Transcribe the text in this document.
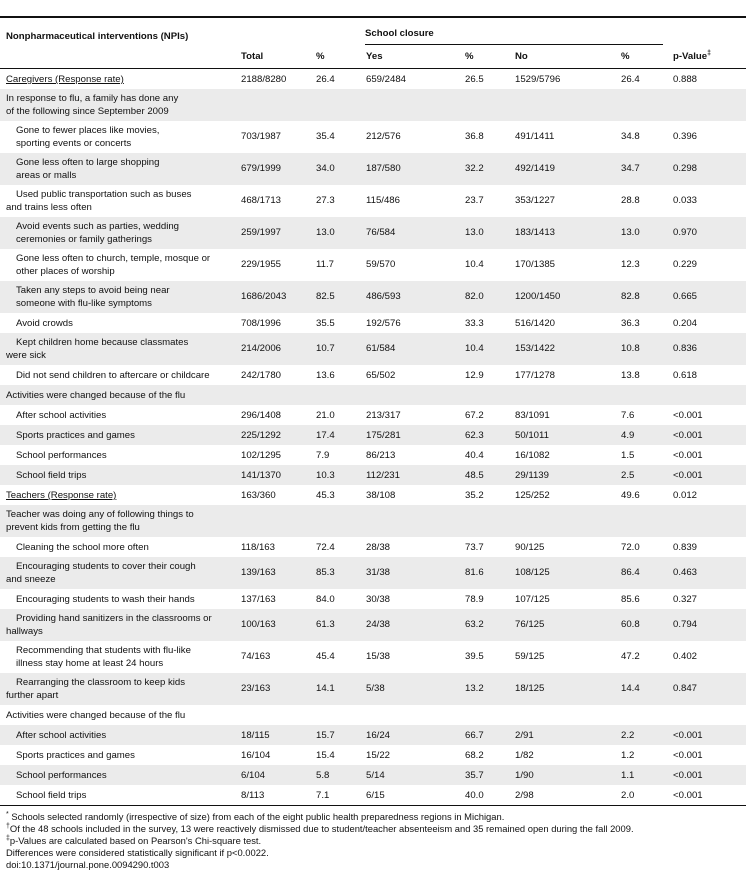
Nonpharmaceutical interventions (NPIs)	School closure
Total	%	Yes	%	No	%	p-Value‡
Caregivers (Response rate)	2188/8280	26.4	659/2484	26.5	1529/5796	26.4	0.888
In response to flu, a family has done any
of the following since September 2009
Gone to fewer places like movies,
sporting events or concerts
703/1987	35.4	212/576	36.8	491/1411	34.8	0.396
Gone less often to large shopping
areas or malls
679/1999	34.0	187/580	32.2	492/1419	34.7	0.298
Used public transportation such as buses
and trains less often
468/1713	27.3	115/486	23.7	353/1227	28.8	0.033
Avoid events such as parties, wedding
ceremonies or family gatherings
259/1997	13.0	76/584	13.0	183/1413	13.0	0.970
Gone less often to church, temple, mosque or
other places of worship
229/1955	11.7	59/570	10.4	170/1385	12.3	0.229
Taken any steps to avoid being near
someone with flu-like symptoms
1686/2043	82.5	486/593	82.0	1200/1450	82.8	0.665
Avoid crowds	708/1996	35.5	192/576	33.3	516/1420	36.3	0.204
Kept children home because classmates
were sick
214/2006	10.7	61/584	10.4	153/1422	10.8	0.836
Did not send children to aftercare or childcare	242/1780	13.6	65/502	12.9	177/1278	13.8	0.618
Activities were changed because of the flu
After school activities	296/1408	21.0	213/317	67.2	83/1091	7.6	<0.001
Sports practices and games	225/1292	17.4	175/281	62.3	50/1011	4.9	<0.001
School performances	102/1295	7.9	86/213	40.4	16/1082	1.5	<0.001
School field trips	141/1370	10.3	112/231	48.5	29/1139	2.5	<0.001
Teachers (Response rate)	163/360	45.3	38/108	35.2	125/252	49.6	0.012
Teacher was doing any of following things to
prevent kids from getting the flu
Cleaning the school more often	118/163	72.4	28/38	73.7	90/125	72.0	0.839
Encouraging students to cover their cough
and sneeze
139/163	85.3	31/38	81.6	108/125	86.4	0.463
Encouraging students to wash their hands	137/163	84.0	30/38	78.9	107/125	85.6	0.327
Providing hand sanitizers in the classrooms or
hallways
100/163	61.3	24/38	63.2	76/125	60.8	0.794
Recommending that students with flu-like
illness stay home at least 24 hours
74/163	45.4	15/38	39.5	59/125	47.2	0.402
Rearranging the classroom to keep kids
further apart
23/163	14.1	5/38	13.2	18/125	14.4	0.847
Activities were changed because of the flu
After school activities	18/115	15.7	16/24	66.7	2/91	2.2	<0.001
Sports practices and games	16/104	15.4	15/22	68.2	1/82	1.2	<0.001
School performances	6/104	5.8	5/14	35.7	1/90	1.1	<0.001
School field trips	8/113	7.1	6/15	40.0	2/98	2.0	<0.001
* Schools selected randomly (irrespective of size) from each of the eight public health preparedness regions in Michigan.
†Of the 48 schools included in the survey, 13 were reactively dismissed due to student/teacher absenteeism and 35 remained open during the fall 2009.
‡p-Values are calculated based on Pearson's Chi-square test.
Differences were considered statistically significant if p<0.0022.
doi:10.1371/journal.pone.0094290.t003
